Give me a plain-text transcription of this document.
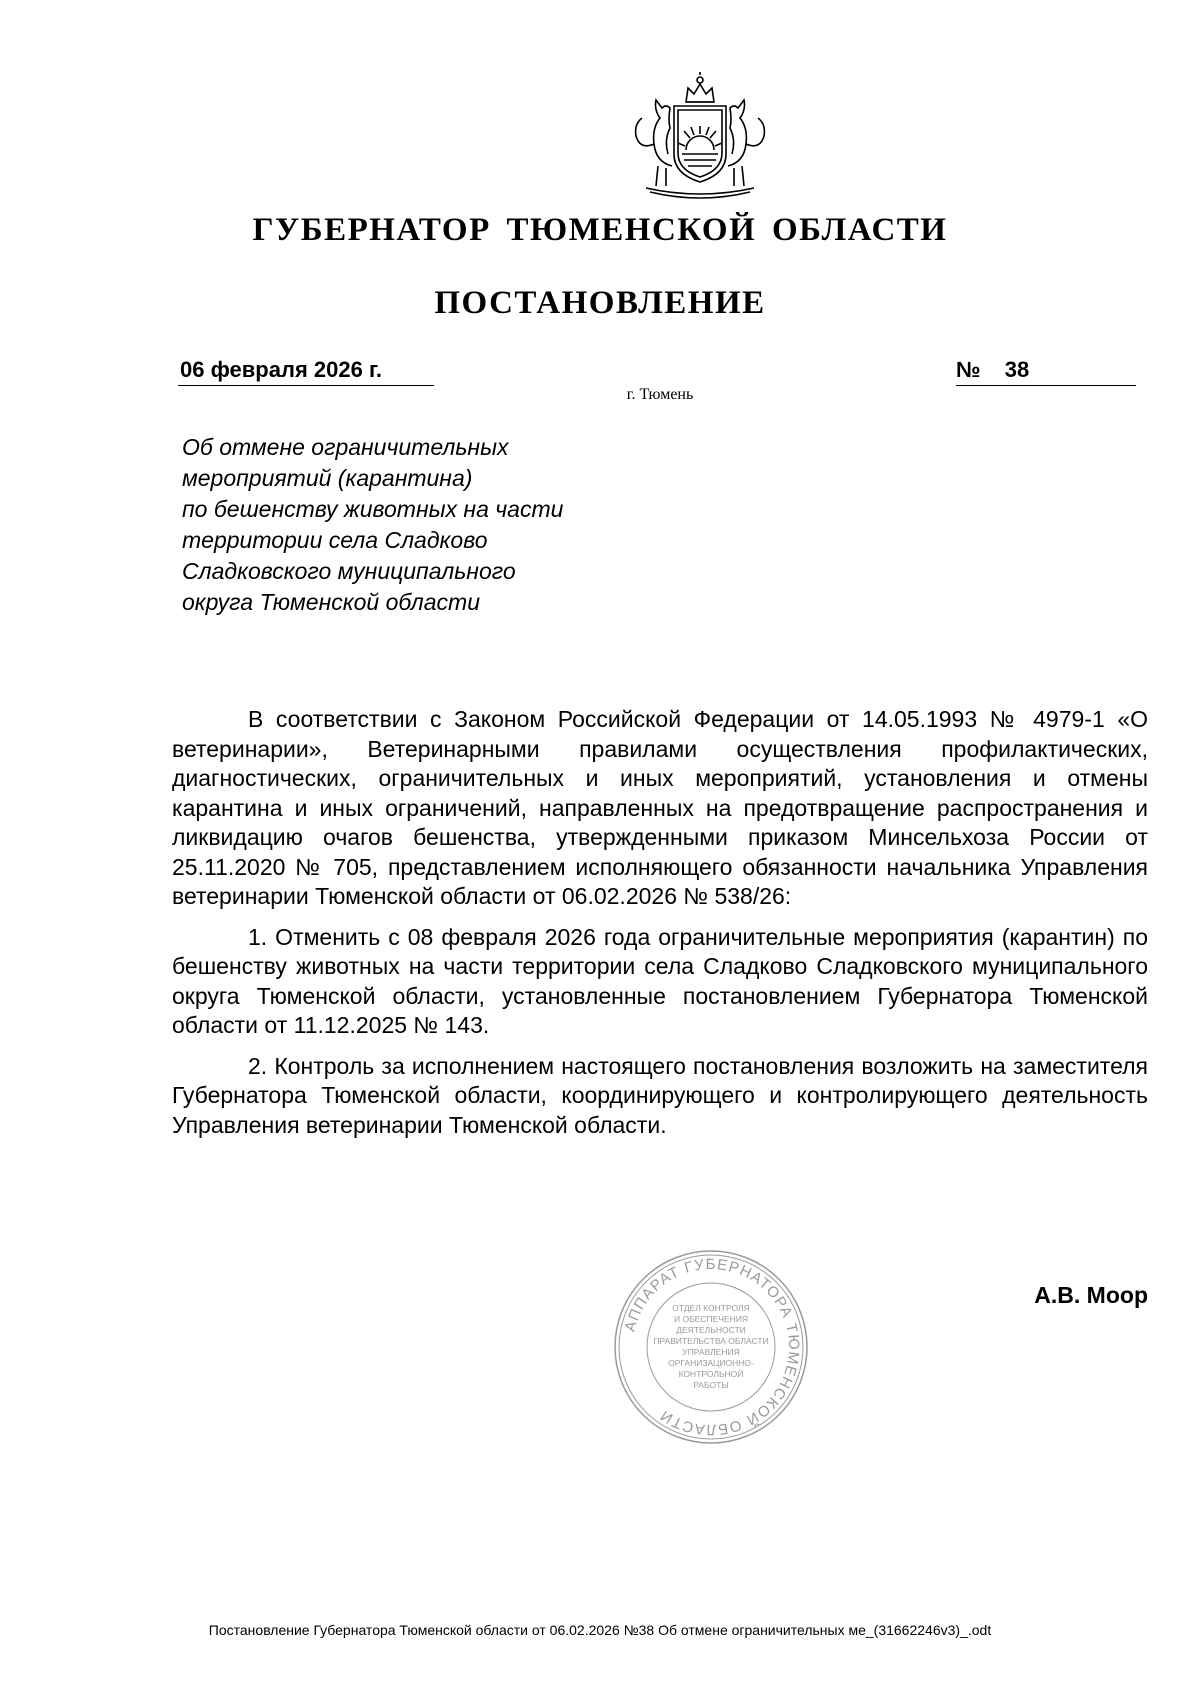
ГУБЕРНАТОР ТЮМЕНСКОЙ ОБЛАСТИ
ПОСТАНОВЛЕНИЕ
06 февраля 2026 г.	№ 38
г. Тюмень
Об отмене ограничительных
мероприятий (карантина)
по бешенству животных на части
территории села Сладково
Сладковского муниципального
округа Тюменской области

В соответствии с Законом Российской Федерации от 14.05.1993 № 4979-1 «О ветеринарии», Ветеринарными правилами осуществления профилактических, диагностических, ограничительных и иных мероприятий, установления и отмены карантина и иных ограничений, направленных на предотвращение распространения и ликвидацию очагов бешенства, утвержденными приказом Минсельхоза России от 25.11.2020 № 705, представлением исполняющего обязанности начальника Управления ветеринарии Тюменской области от 06.02.2026 № 538/26:

1. Отменить с 08 февраля 2026 года ограничительные мероприятия (карантин) по бешенству животных на части территории села Сладково Сладковского муниципального округа Тюменской области, установленные постановлением Губернатора Тюменской области от 11.12.2025 № 143.

2. Контроль за исполнением настоящего постановления возложить на заместителя Губернатора Тюменской области, координирующего и контролирующего деятельность Управления ветеринарии Тюменской области.

АППАРАТ ГУБЕРНАТОРА ТЮМЕНСКОЙ ОБЛАСТИ
ОТДЕЛ КОНТРОЛЯ
И ОБЕСПЕЧЕНИЯ
ДЕЯТЕЛЬНОСТИ
ПРАВИТЕЛЬСТВА ОБЛАСТИ
УПРАВЛЕНИЯ
ОРГАНИЗАЦИОННО-
КОНТРОЛЬНОЙ
РАБОТЫ
А.В. Моор
Постановление Губернатора Тюменской области от 06.02.2026 №38 Об отмене ограничительных ме_(31662246v3)_.odt
